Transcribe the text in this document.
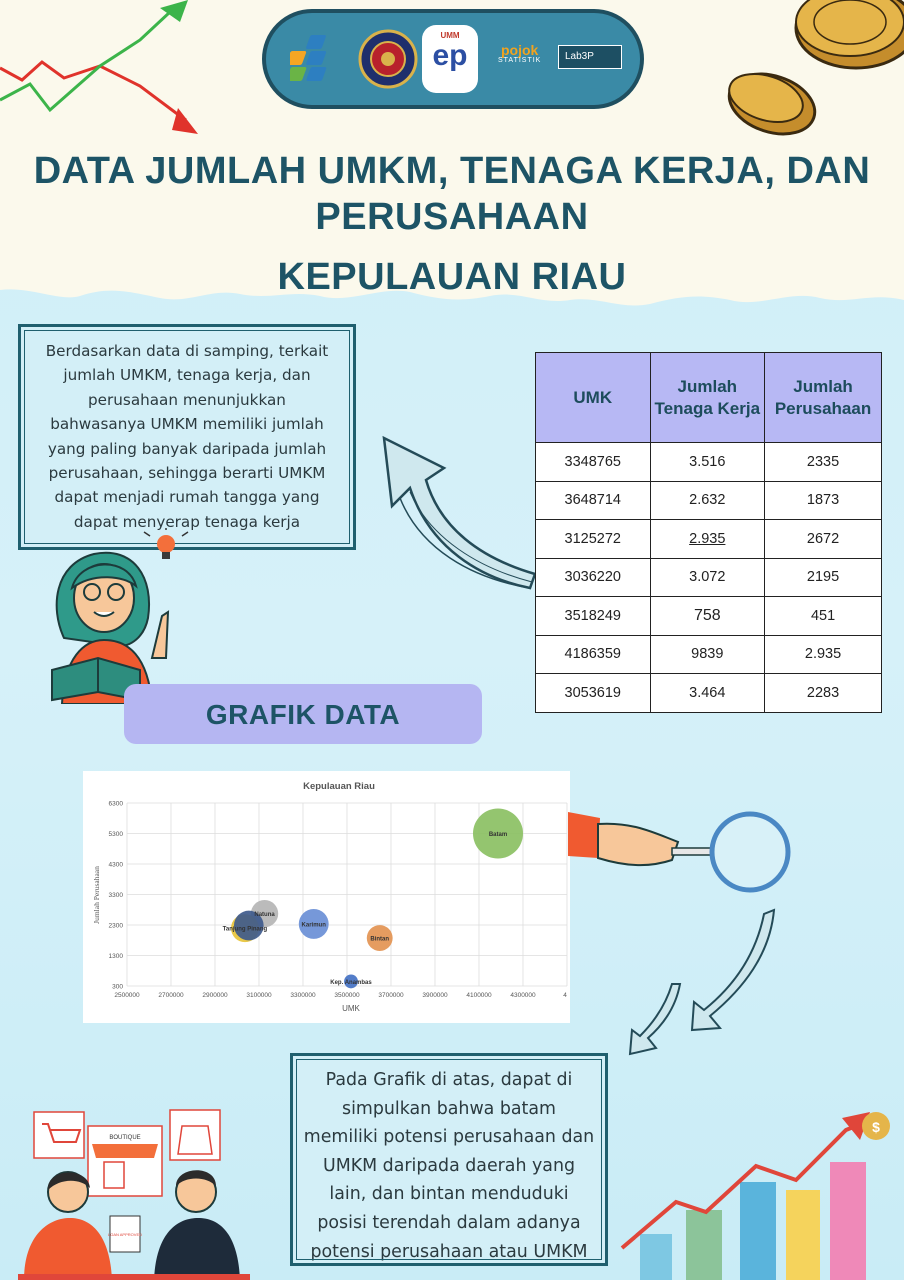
UMM
ep	pojok
STATISTIK	Lab3P
DATA JUMLAH UMKM, TENAGA KERJA, DAN
PERUSAHAAN
KEPULAUAN RIAU

Berdasarkan data di samping, terkait jumlah UMKM, tenaga kerja, dan perusahaan menunjukkan bahwasanya UMKM memiliki jumlah yang paling banyak daripada jumlah perusahaan, sehingga berarti UMKM dapat menjadi rumah tangga yang dapat menyerap tenaga kerja

UMK	Jumlah Tenaga Kerja	Jumlah Perusahaan
3348765	3.516	2335
3648714	2.632	1873
3125272	2.935	2672
3036220	3.072	2195
3518249	758	451
4186359	9839	2.935
3053619	3.464	2283
GRAFIK DATA
Kepulauan Riau
UMK
Jumlah Perusahaan
300
1300
2300
3300
4300
5300
6300
2500000	2700000	2900000	3100000	3300000	3500000	3700000	3900000	4100000	4300000	4
Batam
Natuna
Karimun
Bintan
Tanjung Pinang
Kep. Anambas

Pada Grafik di atas, dapat di simpulkan bahwa batam memiliki potensi perusahaan dan UMKM daripada daerah yang lain, dan bintan menduduki posisi terendah dalam adanya potensi perusahaan atau UMKM

BOUTIQUE
LOAN APPROVED
$
